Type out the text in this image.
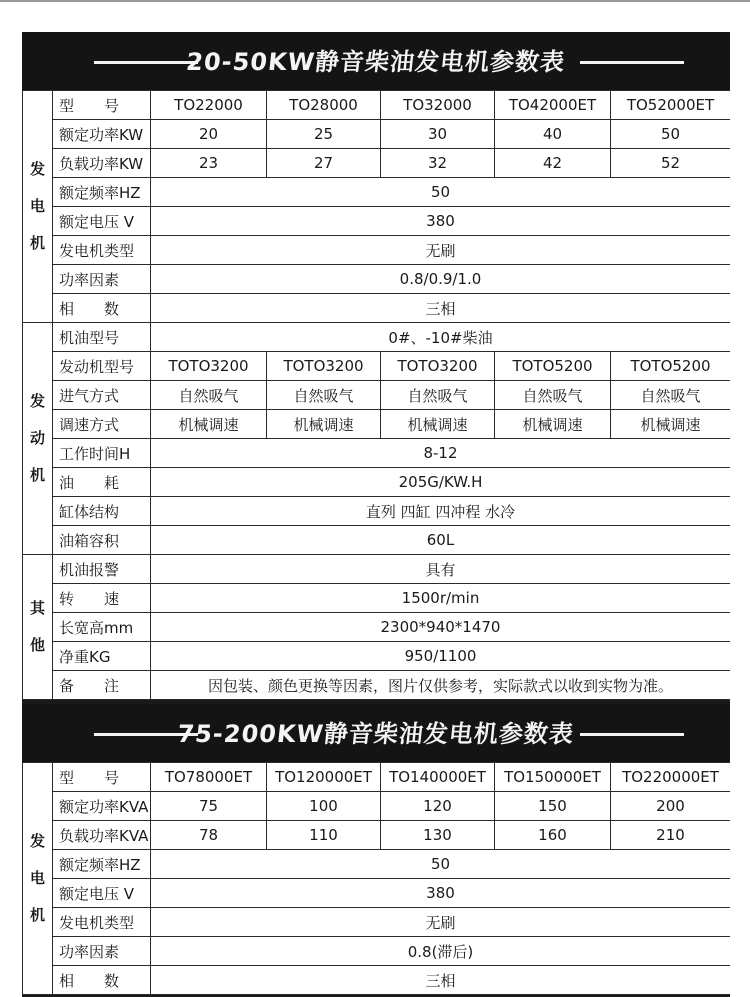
20-50KW静音柴油发电机参数表
发
电
机	型　　号	TO22000	TO28000	TO32000	TO42000ET	TO52000ET
	额定功率KW	20	25	30	40	50
	负载功率KW	23	27	32	42	52
	额定频率HZ	50				
	额定电压 V	380				
	发电机类型	无刷				
	功率因素	0.8/0.9/1.0				
	相　　数	三相				

发
动
机	机油型号	0#、-10#柴油				
	发动机型号	TOTO3200	TOTO3200	TOTO3200	TOTO5200	TOTO5200
	进气方式	自然吸气	自然吸气	自然吸气	自然吸气	自然吸气
	调速方式	机械调速	机械调速	机械调速	机械调速	机械调速
	工作时间H	8-12				
	油　　耗	205G/KW.H				
	缸体结构	直列 四缸 四冲程 水冷				
	油箱容积	60L				

其
他	机油报警	具有				
	转　　速	1500r/min				
	长宽高mm	2300*940*1470				
	净重KG	950/1100				
	备　　注	因包装、颜色更换等因素，图片仅供参考，实际款式以收到实物为准。				
75-200KW静音柴油发电机参数表
发
电
机	型　　号	TO78000ET	TO120000ET	TO140000ET	TO150000ET	TO220000ET
	额定功率KVA	75	100	120	150	200
	负载功率KVA	78	110	130	160	210
	额定频率HZ	50				
	额定电压 V	380				
	发电机类型	无刷				
	功率因素	0.8(滞后)				
	相　　数	三相				
